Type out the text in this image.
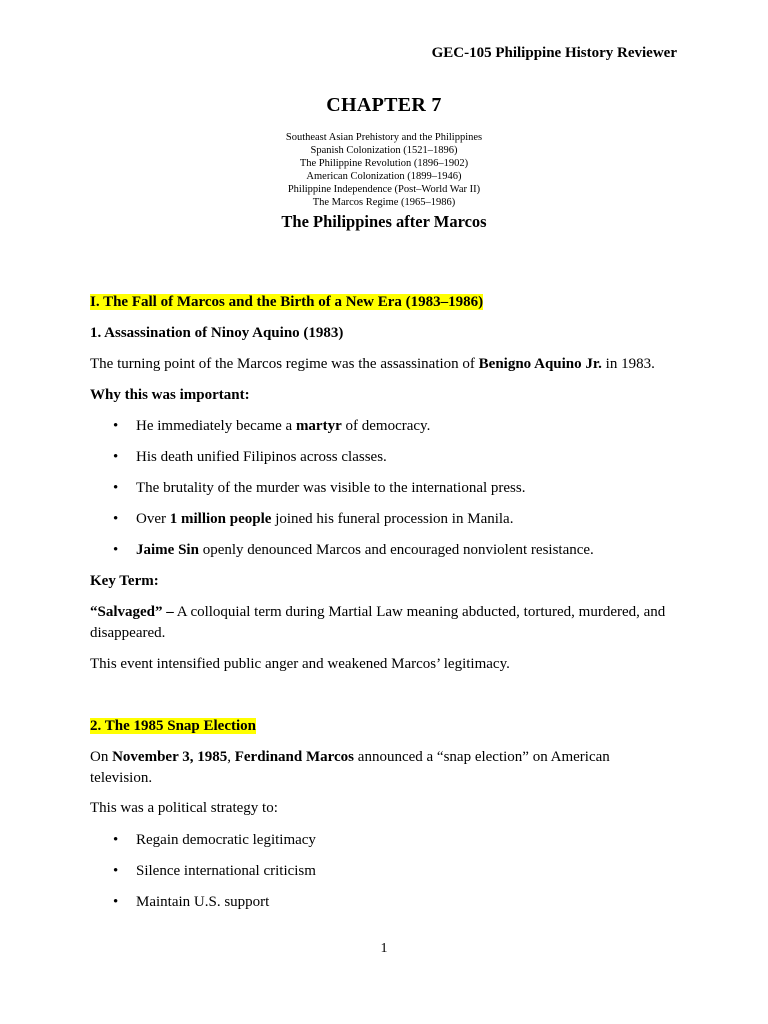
GEC-105 Philippine History Reviewer
CHAPTER 7
Southeast Asian Prehistory and the Philippines
Spanish Colonization (1521–1896)
The Philippine Revolution (1896–1902)
American Colonization (1899–1946)
Philippine Independence (Post–World War II)
The Marcos Regime (1965–1986)
The Philippines after Marcos
I. The Fall of Marcos and the Birth of a New Era (1983–1986)
1. Assassination of Ninoy Aquino (1983)
The turning point of the Marcos regime was the assassination of Benigno Aquino Jr. in 1983.
Why this was important:
• He immediately became a martyr of democracy.
• His death unified Filipinos across classes.
• The brutality of the murder was visible to the international press.
• Over 1 million people joined his funeral procession in Manila.
• Jaime Sin openly denounced Marcos and encouraged nonviolent resistance.
Key Term:
“Salvaged” – A colloquial term during Martial Law meaning abducted, tortured, murdered, and disappeared.
This event intensified public anger and weakened Marcos’ legitimacy.
2. The 1985 Snap Election
On November 3, 1985, Ferdinand Marcos announced a “snap election” on American television.
This was a political strategy to:
• Regain democratic legitimacy
• Silence international criticism
• Maintain U.S. support
1
